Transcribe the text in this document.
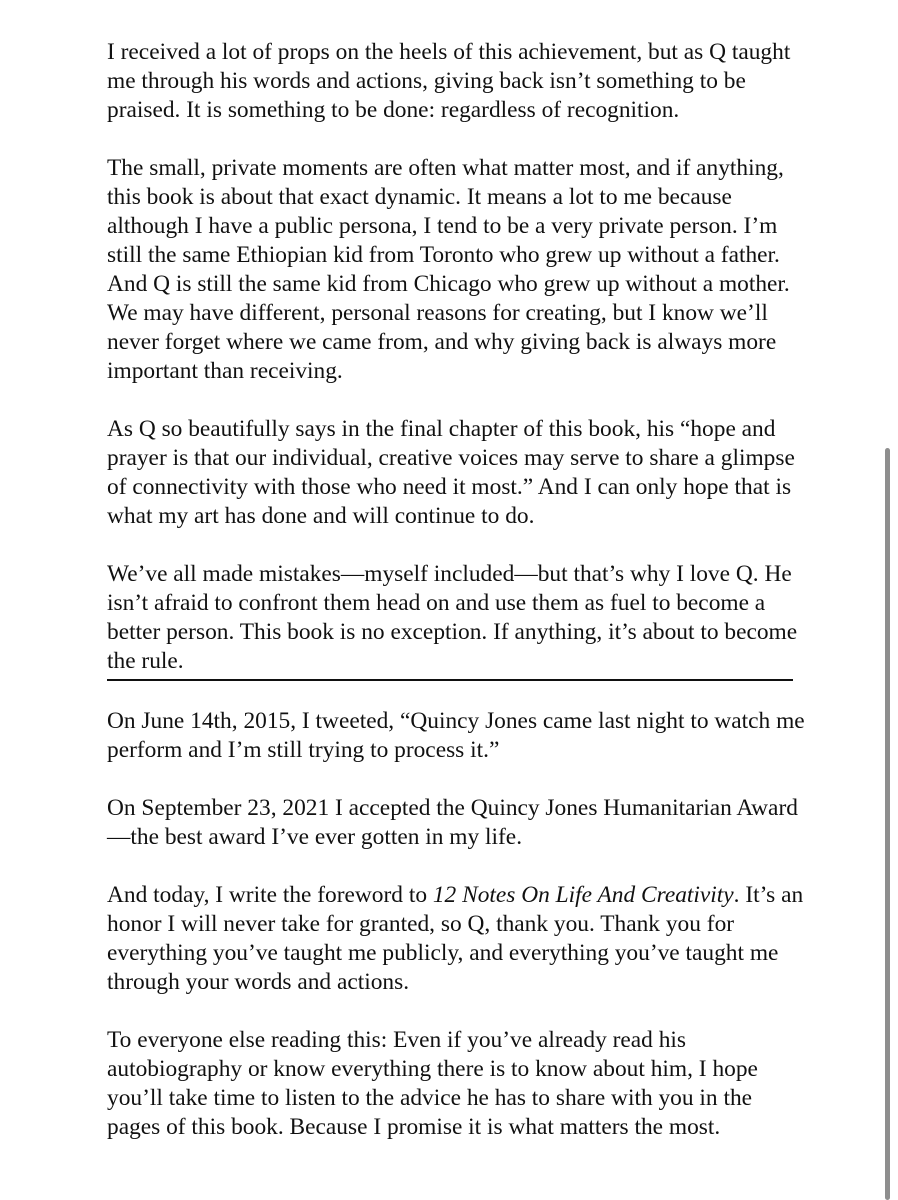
I received a lot of props on the heels of this achievement, but as Q taught me through his words and actions, giving back isn’t something to be praised. It is something to be done: regardless of recognition.

The small, private moments are often what matter most, and if anything, this book is about that exact dynamic. It means a lot to me because although I have a public persona, I tend to be a very private person. I’m still the same Ethiopian kid from Toronto who grew up without a father. And Q is still the same kid from Chicago who grew up without a mother. We may have different, personal reasons for creating, but I know we’ll never forget where we came from, and why giving back is always more important than receiving.

As Q so beautifully says in the final chapter of this book, his “hope and prayer is that our individual, creative voices may serve to share a glimpse of connectivity with those who need it most.” And I can only hope that is what my art has done and will continue to do.

We’ve all made mistakes—myself included—but that’s why I love Q. He isn’t afraid to confront them head on and use them as fuel to become a better person. This book is no exception. If anything, it’s about to become the rule.

On June 14th, 2015, I tweeted, “Quincy Jones came last night to watch me perform and I’m still trying to process it.”

On September 23, 2021 I accepted the Quincy Jones Humanitarian Award—the best award I’ve ever gotten in my life.

And today, I write the foreword to 12 Notes On Life And Creativity. It’s an honor I will never take for granted, so Q, thank you. Thank you for everything you’ve taught me publicly, and everything you’ve taught me through your words and actions.

To everyone else reading this: Even if you’ve already read his autobiography or know everything there is to know about him, I hope you’ll take time to listen to the advice he has to share with you in the pages of this book. Because I promise it is what matters the most.
